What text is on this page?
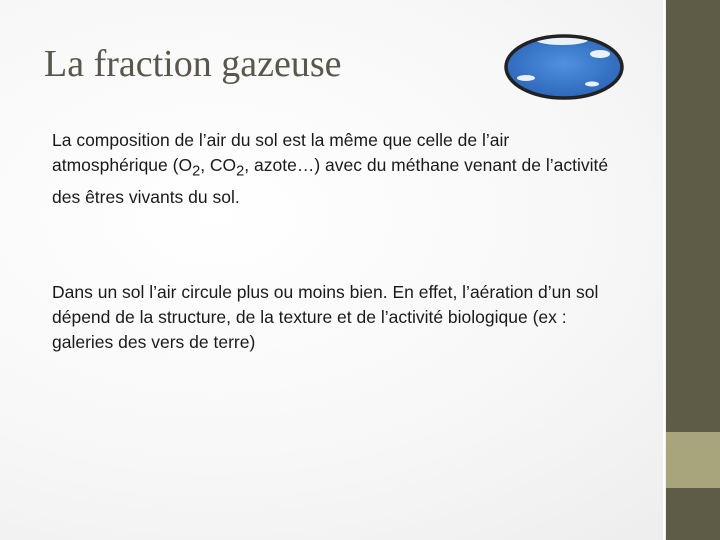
La fraction gazeuse
La composition de l’air du sol est la même que celle de l’air atmosphérique ($O_2$, $CO_2$, azote…) avec du méthane venant de l’activité des êtres vivants du sol.
Dans un sol l’air circule plus ou moins bien. En effet, l’aération d’un sol dépend de la structure, de la texture et de l’activité biologique (ex : galeries des vers de terre)
